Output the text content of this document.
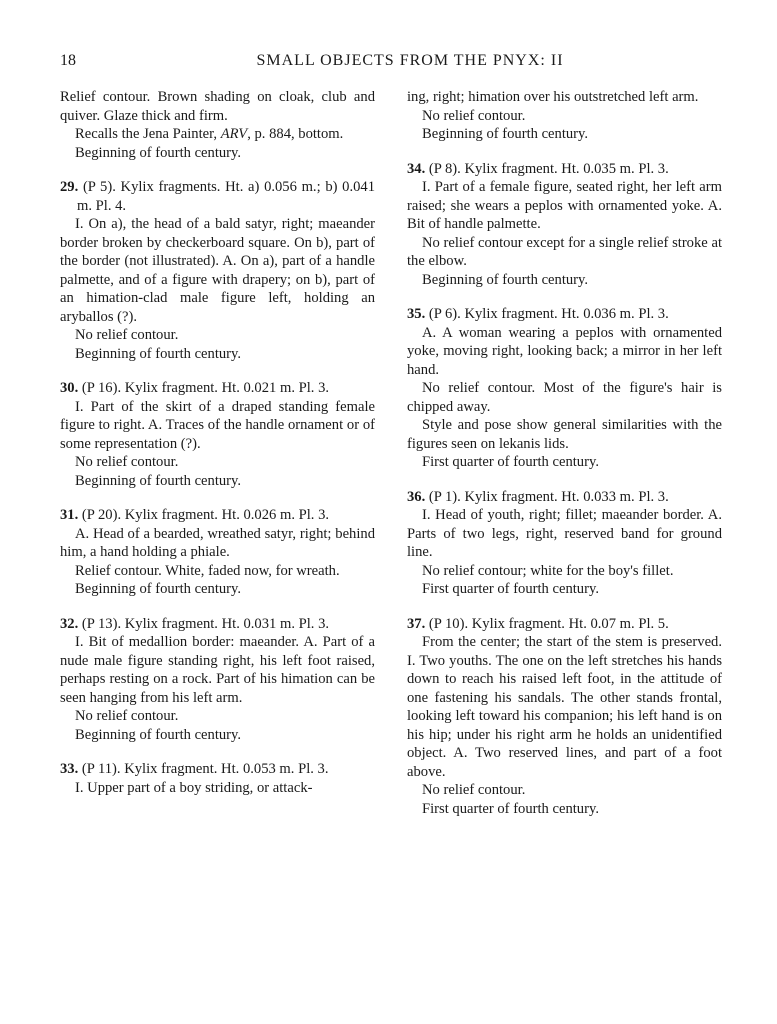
18	SMALL OBJECTS FROM THE PNYX: II

Relief contour. Brown shading on cloak, club and quiver. Glaze thick and firm.

Recalls the Jena Painter, ARV, p. 884, bottom.

Beginning of fourth century.

29. (P 5). Kylix fragments. Ht. a) 0.056 m.; b) 0.041 m. Pl. 4.

I. On a), the head of a bald satyr, right; maeander border broken by checkerboard square. On b), part of the border (not illustrated). A. On a), part of a handle palmette, and of a figure with drapery; on b), part of an himation-clad male figure left, holding an aryballos (?).

No relief contour.

Beginning of fourth century.

30. (P 16). Kylix fragment. Ht. 0.021 m. Pl. 3.

I. Part of the skirt of a draped standing female figure to right. A. Traces of the handle ornament or of some representation (?).

No relief contour.

Beginning of fourth century.

31. (P 20). Kylix fragment. Ht. 0.026 m. Pl. 3.

A. Head of a bearded, wreathed satyr, right; behind him, a hand holding a phiale.

Relief contour. White, faded now, for wreath.

Beginning of fourth century.

32. (P 13). Kylix fragment. Ht. 0.031 m. Pl. 3.

I. Bit of medallion border: maeander. A. Part of a nude male figure standing right, his left foot raised, perhaps resting on a rock. Part of his himation can be seen hanging from his left arm.

No relief contour.

Beginning of fourth century.

33. (P 11). Kylix fragment. Ht. 0.053 m. Pl. 3.

I. Upper part of a boy striding, or attack-

ing, right; himation over his outstretched left arm.

No relief contour.

Beginning of fourth century.

34. (P 8). Kylix fragment. Ht. 0.035 m. Pl. 3.

I. Part of a female figure, seated right, her left arm raised; she wears a peplos with ornamented yoke. A. Bit of handle palmette.

No relief contour except for a single relief stroke at the elbow.

Beginning of fourth century.

35. (P 6). Kylix fragment. Ht. 0.036 m. Pl. 3.

A. A woman wearing a peplos with ornamented yoke, moving right, looking back; a mirror in her left hand.

No relief contour. Most of the figure's hair is chipped away.

Style and pose show general similarities with the figures seen on lekanis lids.

First quarter of fourth century.

36. (P 1). Kylix fragment. Ht. 0.033 m. Pl. 3.

I. Head of youth, right; fillet; maeander border. A. Parts of two legs, right, reserved band for ground line.

No relief contour; white for the boy's fillet.

First quarter of fourth century.

37. (P 10). Kylix fragment. Ht. 0.07 m. Pl. 5.

From the center; the start of the stem is preserved. I. Two youths. The one on the left stretches his hands down to reach his raised left foot, in the attitude of one fastening his sandals. The other stands frontal, looking left toward his companion; his left hand is on his hip; under his right arm he holds an unidentified object. A. Two reserved lines, and part of a foot above.

No relief contour.

First quarter of fourth century.
